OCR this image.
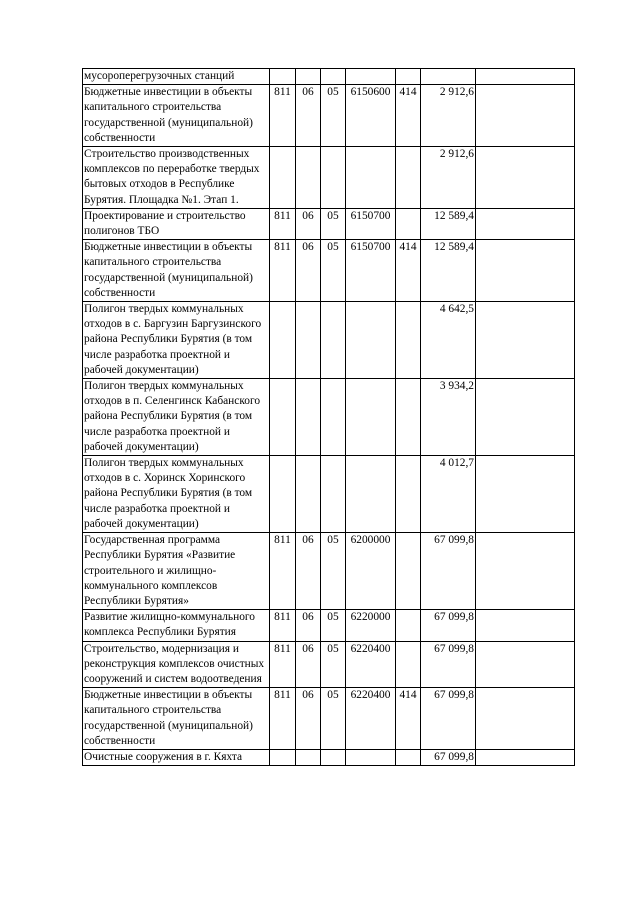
мусороперегрузочных станций							
Бюджетные инвестиции в объекты капитального строительства государственной (муниципальной) собственности	811	06	05	6150600	414	2 912,6	
Строительство производственных комплексов по переработке твердых бытовых отходов в Республике Бурятия. Площадка №1. Этап 1.						2 912,6	
Проектирование и строительство полигонов ТБО	811	06	05	6150700		12 589,4	
Бюджетные инвестиции в объекты капитального строительства государственной (муниципальной) собственности	811	06	05	6150700	414	12 589,4	
Полигон твердых коммунальных отходов в с. Баргузин Баргузинского района Республики Бурятия (в том числе разработка проектной и рабочей документации)						4 642,5	
Полигон твердых коммунальных отходов в п. Селенгинск Кабанского района Республики Бурятия (в том числе разработка проектной и рабочей документации)						3 934,2	
Полигон твердых коммунальных отходов в с. Хоринск Хоринского района Республики Бурятия (в том числе разработка проектной и рабочей документации)						4 012,7	
Государственная программа Республики Бурятия «Развитие строительного и жилищно-коммунального комплексов Республики Бурятия»	811	06	05	6200000		67 099,8	
Развитие жилищно-коммунального комплекса Республики Бурятия	811	06	05	6220000		67 099,8	
Строительство, модернизация и реконструкция комплексов очистных сооружений и систем водоотведения	811	06	05	6220400		67 099,8	
Бюджетные инвестиции в объекты капитального строительства государственной (муниципальной) собственности	811	06	05	6220400	414	67 099,8	
Очистные сооружения в г. Кяхта						67 099,8	
